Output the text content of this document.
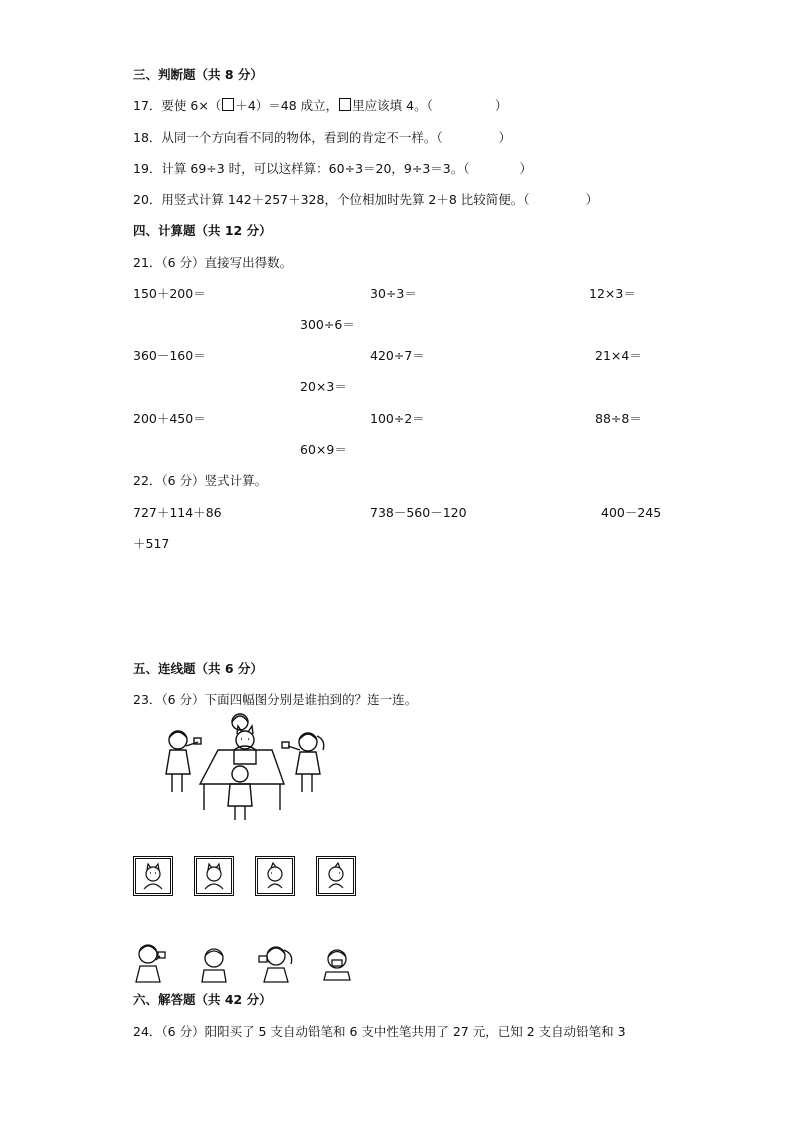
三、判断题（共 8 分）
17．要使 6×（ ＋4）＝48 成立， 里应该填 4。（	）
18．从同一个方向看不同的物体，看到的肯定不一样。（	）
19．计算 69÷3 时，可以这样算：60÷3＝20，9÷3＝3。（	）
20．用竖式计算 142＋257＋328，个位相加时先算 2＋8 比较简便。（	）
四、计算题（共 12 分）
21．（6 分）直接写出得数。
150＋200＝	30÷3＝	12×3＝
300÷6＝
360－160＝	420÷7＝	21×4＝
20×3＝
200＋450＝	100÷2＝	88÷8＝
60×9＝
22．（6 分）竖式计算。
727＋114＋86	738－560－120	400－245
＋517
五、连线题（共 6 分）
23．（6 分）下面四幅图分别是谁拍到的？连一连。
六、解答题（共 42 分）
24．（6 分）阳阳买了 5 支自动铅笔和 6 支中性笔共用了 27 元，已知 2 支自动铅笔和 3
